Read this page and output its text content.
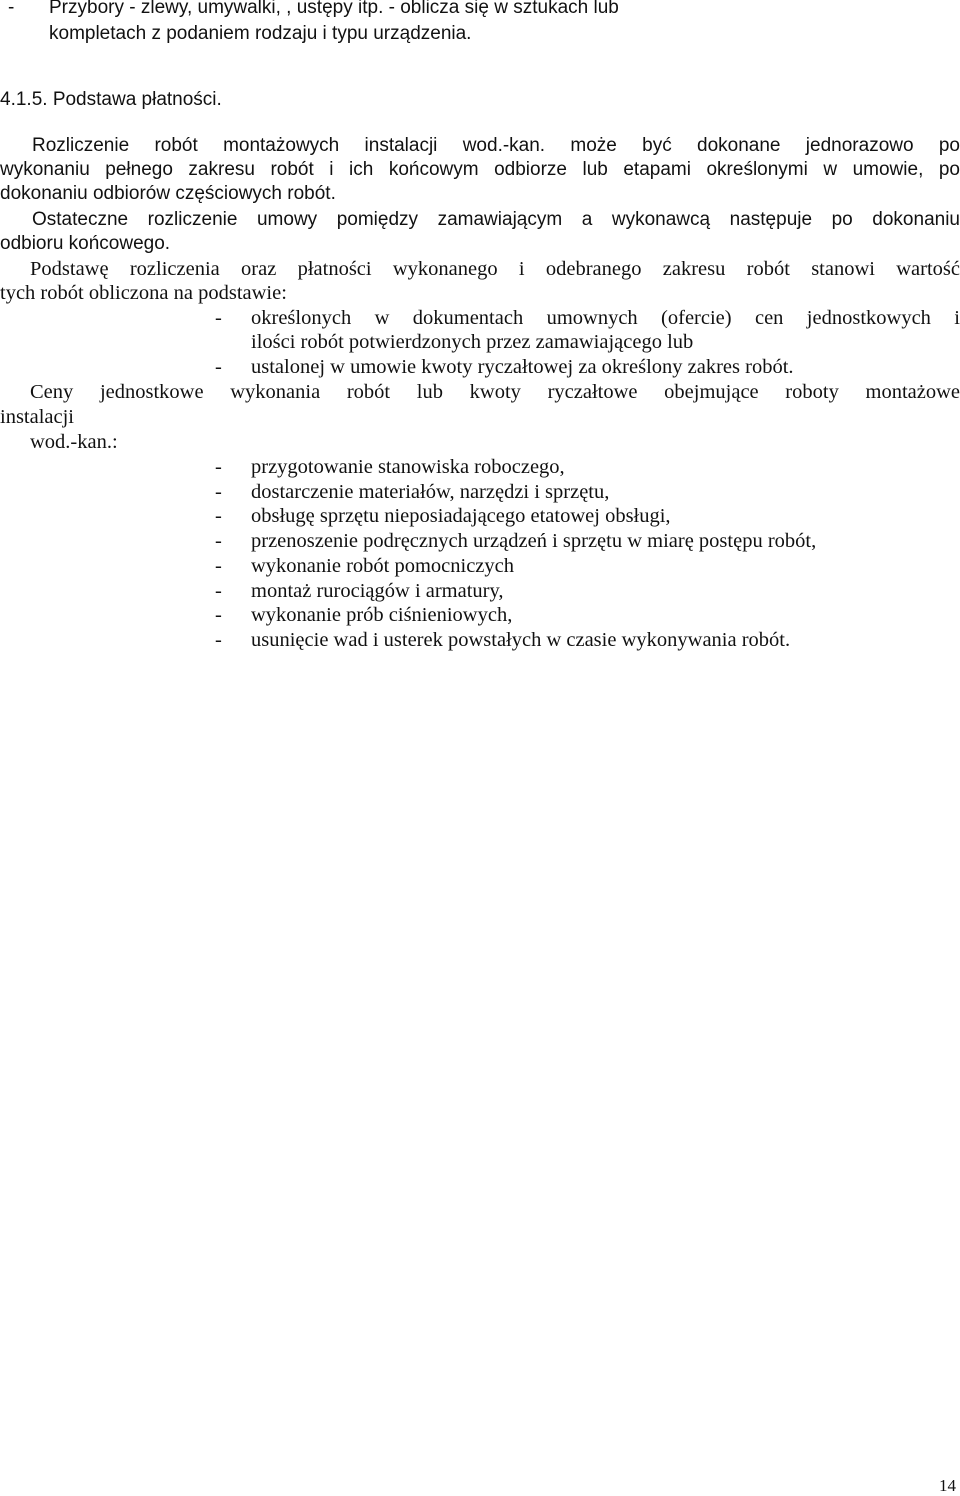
- Przybory - zlewy, umywalki, , ustępy itp. - oblicza się w sztukach lub
kompletach z podaniem rodzaju i typu urządzenia.
4.1.5. Podstawa płatności.
Rozliczenie robót montażowych instalacji wod.-kan. może być dokonane jednorazowo po
wykonaniu pełnego zakresu robót i ich końcowym odbiorze lub etapami określonymi w umowie, po
dokonaniu odbiorów częściowych robót.
Ostateczne rozliczenie umowy pomiędzy zamawiającym a wykonawcą następuje po dokonaniu
odbioru końcowego.
Podstawę rozliczenia oraz płatności wykonanego i odebranego zakresu robót stanowi wartość
tych robót obliczona na podstawie:
- określonych w dokumentach umownych (ofercie) cen jednostkowych i
ilości robót potwierdzonych przez zamawiającego lub
- ustalonej w umowie kwoty ryczałtowej za określony zakres robót.
Ceny jednostkowe wykonania robót lub kwoty ryczałtowe obejmujące roboty montażowe
instalacji
wod.-kan.:
- przygotowanie stanowiska roboczego,
- dostarczenie materiałów, narzędzi i sprzętu,
- obsługę sprzętu nieposiadającego etatowej obsługi,
- przenoszenie podręcznych urządzeń i sprzętu w miarę postępu robót,
- wykonanie robót pomocniczych
- montaż rurociągów i armatury,
- wykonanie prób ciśnieniowych,
- usunięcie wad i usterek powstałych w czasie wykonywania robót.
14
